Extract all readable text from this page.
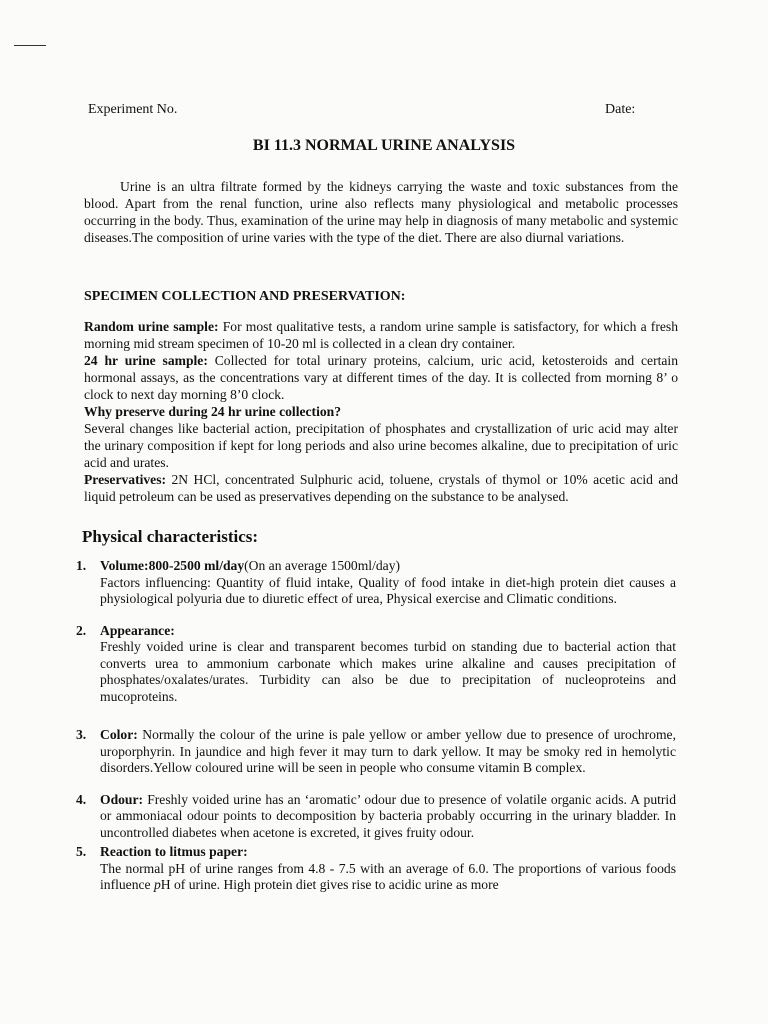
Experiment No.	Date:
BI 11.3 NORMAL URINE ANALYSIS

Urine is an ultra filtrate formed by the kidneys carrying the waste and toxic substances from the blood. Apart from the renal function, urine also reflects many physiological and metabolic processes occurring in the body. Thus, examination of the urine may help in diagnosis of many metabolic and systemic diseases.The composition of urine varies with the type of the diet. There are also diurnal variations.

SPECIMEN COLLECTION AND PRESERVATION:

Random urine sample: For most qualitative tests, a random urine sample is satisfactory, for which a fresh morning mid stream specimen of 10-20 ml is collected in a clean dry container.

24 hr urine sample: Collected for total urinary proteins, calcium, uric acid, ketosteroids and certain hormonal assays, as the concentrations vary at different times of the day. It is collected from morning 8’ o clock to next day morning 8’0 clock.

Why preserve during 24 hr urine collection?

Several changes like bacterial action, precipitation of phosphates and crystallization of uric acid may alter the urinary composition if kept for long periods and also urine becomes alkaline, due to precipitation of uric acid and urates.

Preservatives: 2N HCl, concentrated Sulphuric acid, toluene, crystals of thymol or 10% acetic acid and liquid petroleum can be used as preservatives depending on the substance to be analysed.

Physical characteristics:
1.	Volume:800-2500 ml/day(On an average 1500ml/day)
Factors influencing: Quantity of fluid intake, Quality of food intake in diet-high protein diet causes a physiological polyuria due to diuretic effect of urea, Physical exercise and Climatic conditions.
2.	Appearance:
Freshly voided urine is clear and transparent becomes turbid on standing due to bacterial action that converts urea to ammonium carbonate which makes urine alkaline and causes precipitation of phosphates/oxalates/urates. Turbidity can also be due to precipitation of nucleoproteins and mucoproteins.
3.	Color: Normally the colour of the urine is pale yellow or amber yellow due to presence of urochrome, uroporphyrin. In jaundice and high fever it may turn to dark yellow. It may be smoky red in hemolytic disorders.Yellow coloured urine will be seen in people who consume vitamin B complex.
4.	Odour: Freshly voided urine has an ‘aromatic’ odour due to presence of volatile organic acids. A putrid or ammoniacal odour points to decomposition by bacteria probably occurring in the urinary bladder. In uncontrolled diabetes when acetone is excreted, it gives fruity odour.
5.	Reaction to litmus paper:
The normal pH of urine ranges from 4.8 - 7.5 with an average of 6.0. The proportions of various foods influence pH of urine. High protein diet gives rise to acidic urine as more
